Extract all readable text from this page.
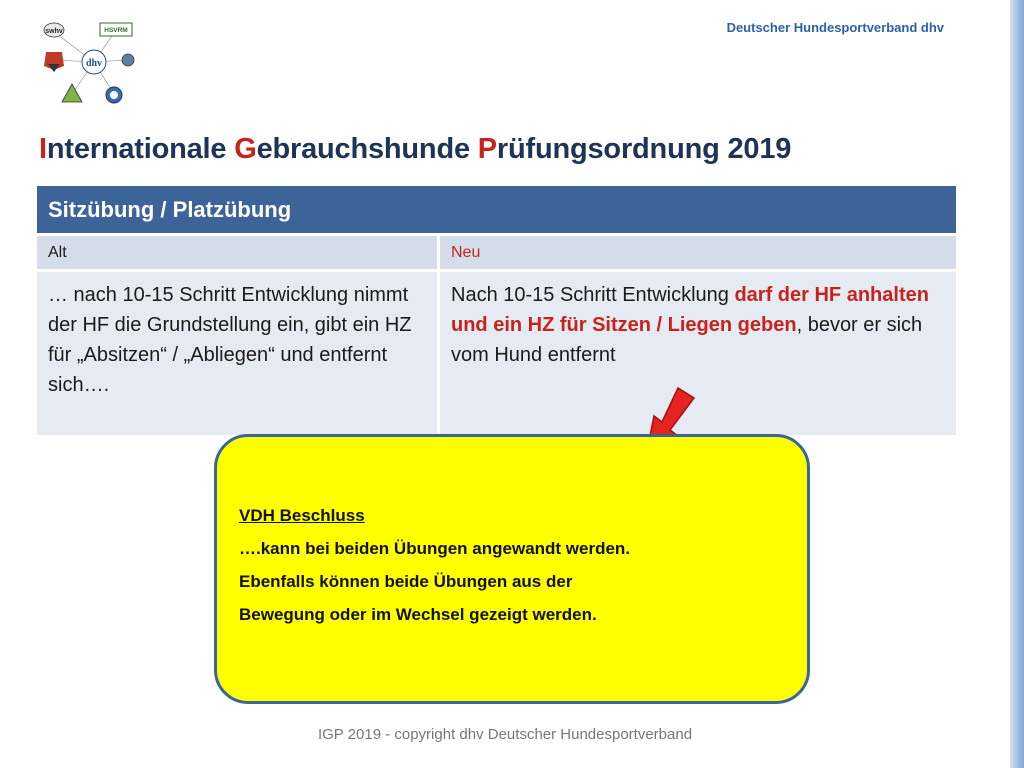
Deutscher Hundesportverband dhv
swhv	HSVRM
dhv
Internationale Gebrauchshunde Prüfungsordnung 2019
Sitzübung / Platzübung
Alt	Neu
… nach 10-15 Schritt Entwicklung nimmt der HF die Grundstellung ein, gibt ein HZ für „Absitzen“ / „Abliegen“ und entfernt sich….
Nach 10-15 Schritt Entwicklung darf der HF anhalten und ein HZ für Sitzen / Liegen geben, bevor er sich vom Hund entfernt
VDH Beschluss
….kann bei beiden Übungen angewandt werden.
Ebenfalls können beide Übungen aus der
Bewegung oder im Wechsel gezeigt werden.
IGP 2019 - copyright dhv Deutscher Hundesportverband
